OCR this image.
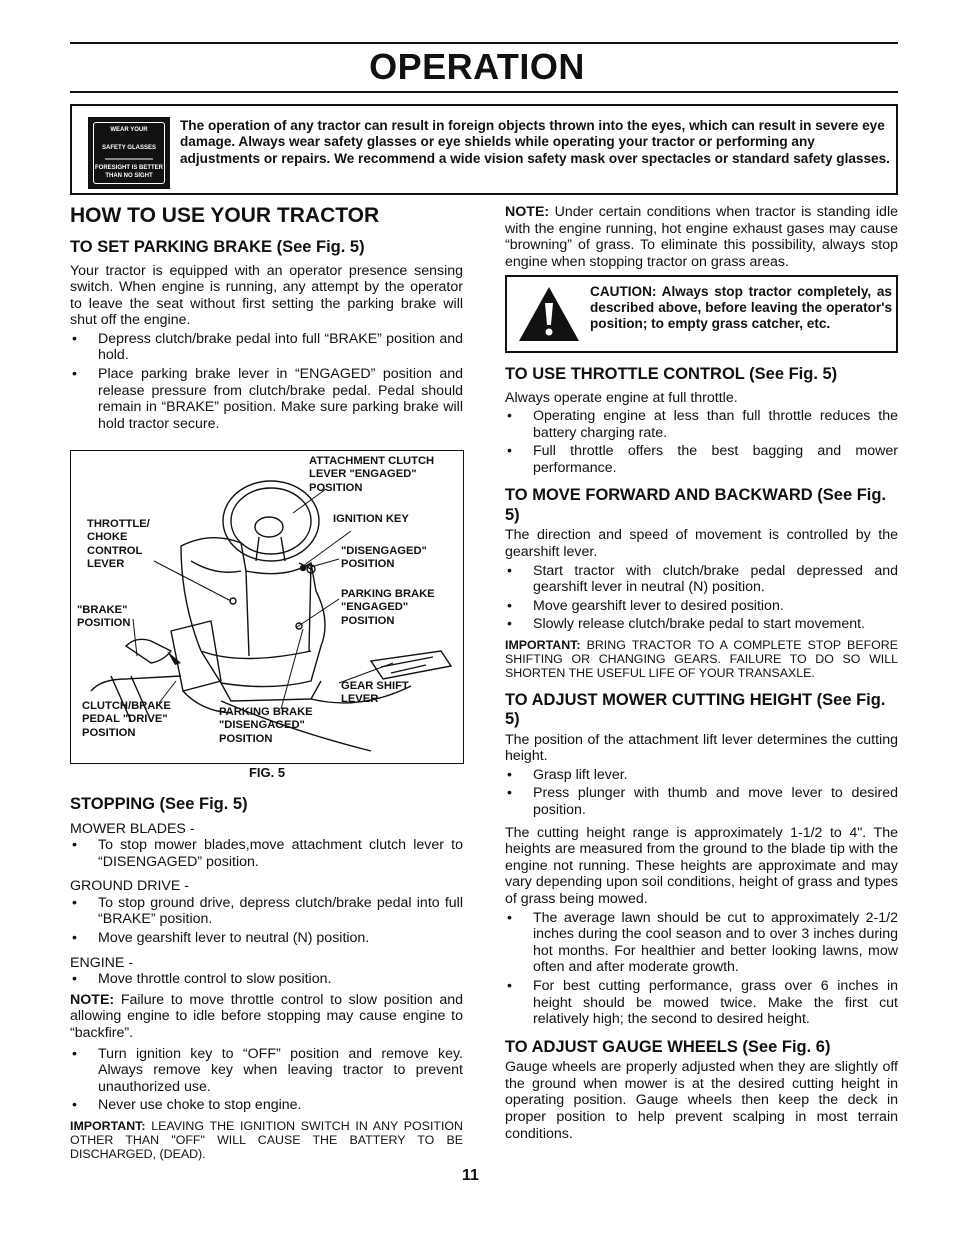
OPERATION
WEAR YOUR
SAFETY GLASSES
FORESIGHT IS BETTER
THAN NO SIGHT
The operation of any tractor can result in foreign objects thrown into the eyes, which can result in severe eye damage. Always wear safety glasses or eye shields while operating your tractor or performing any adjustments or repairs. We recommend a wide vision safety mask over spectacles or standard safety glasses.
HOW TO USE YOUR TRACTOR
TO SET PARKING BRAKE (See Fig. 5)

Your tractor is equipped with an operator presence sensing switch. When engine is running, any attempt by the operator to leave the seat without first setting the parking brake will shut off the engine.

• Depress clutch/brake pedal into full “BRAKE” position and hold.
• Place parking brake lever in “ENGAGED” position and release pressure from clutch/brake pedal. Pedal should remain in “BRAKE” position. Make sure parking brake will hold tractor secure.
ATTACHMENT CLUTCH
LEVER "ENGAGED"
POSITION
IGNITION KEY
THROTTLE/
CHOKE
CONTROL
LEVER
"DISENGAGED"
POSITION
PARKING BRAKE
"ENGAGED"
POSITION
"BRAKE"
POSITION
GEAR SHIFT
LEVER
CLUTCH/BRAKE
PEDAL "DRIVE"
POSITION
PARKING BRAKE
"DISENGAGED"
POSITION
FIG. 5
STOPPING (See Fig. 5)

MOWER BLADES -

• To stop mower blades,move attachment clutch lever to “DISENGAGED” position.

GROUND DRIVE -

• To stop ground drive, depress clutch/brake pedal into full “BRAKE” position.
• Move gearshift lever to neutral (N) position.

ENGINE -

• Move throttle control to slow position.

NOTE: Failure to move throttle control to slow position and allowing engine to idle before stopping may cause engine to “backfire”.

• Turn ignition key to “OFF” position and remove key. Always remove key when leaving tractor to prevent unauthorized use.
• Never use choke to stop engine.

IMPORTANT: LEAVING THE IGNITION SWITCH IN ANY POSITION OTHER THAN "OFF" WILL CAUSE THE BATTERY TO BE DISCHARGED, (DEAD).

NOTE: Under certain conditions when tractor is standing idle with the engine running, hot engine exhaust gases may cause “browning” of grass. To eliminate this possibility, always stop engine when stopping tractor on grass areas.

CAUTION: Always stop tractor completely, as described above, before leaving the operator's position; to empty grass catcher, etc.
TO USE THROTTLE CONTROL (See Fig. 5)

Always operate engine at full throttle.

• Operating engine at less than full throttle reduces the battery charging rate.
• Full throttle offers the best bagging and mower performance.
TO MOVE FORWARD AND BACKWARD (See Fig. 5)

The direction and speed of movement is controlled by the gearshift lever.

• Start tractor with clutch/brake pedal depressed and gearshift lever in neutral (N) position.
• Move gearshift lever to desired position.
• Slowly release clutch/brake pedal to start movement.

IMPORTANT: BRING TRACTOR TO A COMPLETE STOP BEFORE SHIFTING OR CHANGING GEARS. FAILURE TO DO SO WILL SHORTEN THE USEFUL LIFE OF YOUR TRANSAXLE.

TO ADJUST MOWER CUTTING HEIGHT (See Fig. 5)

The position of the attachment lift lever determines the cutting height.

• Grasp lift lever.
• Press plunger with thumb and move lever to desired position.

The cutting height range is approximately 1-1/2 to 4". The heights are measured from the ground to the blade tip with the engine not running. These heights are approximate and may vary depending upon soil conditions, height of grass and types of grass being mowed.

• The average lawn should be cut to approximately 2-1/2 inches during the cool season and to over 3 inches during hot months. For healthier and better looking lawns, mow often and after moderate growth.
• For best cutting performance, grass over 6 inches in height should be mowed twice. Make the first cut relatively high; the second to desired height.
TO ADJUST GAUGE WHEELS (See Fig. 6)

Gauge wheels are properly adjusted when they are slightly off the ground when mower is at the desired cutting height in operating position. Gauge wheels then keep the deck in proper position to help prevent scalping in most terrain conditions.

11
